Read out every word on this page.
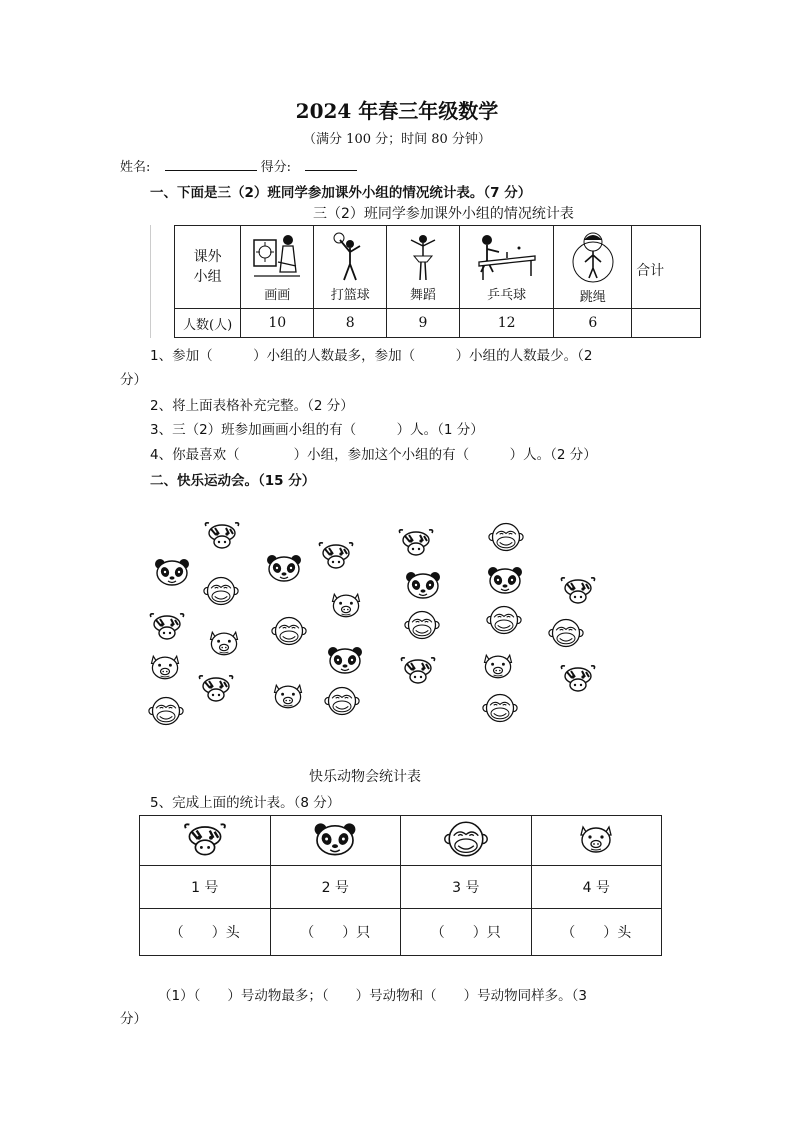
2024 年春三年级数学
（满分 100 分；时间 80 分钟）
姓名:	得分:
一、下面是三（2）班同学参加课外小组的情况统计表。（7 分）
三（2）班同学参加课外小组的情况统计表
课外
小组	画画	打篮球	舞蹈	乒乓球	跳绳	合计
人数(人)	10	8	9	12	6	
1、参加（　　　）小组的人数最多，参加（　　　）小组的人数最少。（2
分）
2、将上面表格补充完整。（2 分）
3、三（2）班参加画画小组的有（　　　）人。（1 分）
4、你最喜欢（　　　　）小组，参加这个小组的有（　　　）人。（2 分）
二、快乐运动会。（15 分）
快乐动物会统计表
5、完成上面的统计表。（8 分）

1 号	2 号	3 号	4 号
（　　）头	（　　）只	（　　）只	（　　）头
（1）（　　）号动物最多；（　　）号动物和（　　）号动物同样多。（3
分）
